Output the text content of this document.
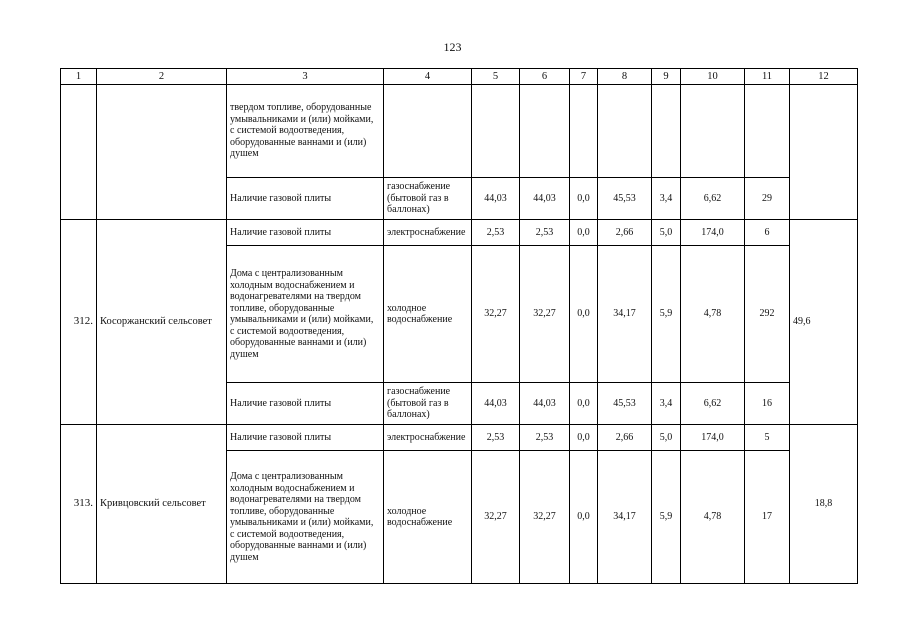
123
1	2	3	4	5	6	7	8	9	10	11	12
		твердом топливе, оборудованные умывальниками и (или) мойками, с системой водоотведения, оборудованные ваннами и (или) душем									
		Наличие газовой плиты	газоснабжение (бытовой газ в баллонах)	44,03	44,03	0,0	45,53	3,4	6,62	29	
312.	Косоржанский сельсовет	Наличие газовой плиты	электроснабжение	2,53	2,53	0,0	2,66	5,0	174,0	6	49,6
		Дома с централизованным холодным водоснабжением и водонагревателями на твердом топливе, оборудованные умывальниками и (или) мойками, с системой водоотведения, оборудованные ваннами и (или) душем	холодное водоснабжение	32,27	32,27	0,0	34,17	5,9	4,78	292	
		Наличие газовой плиты	газоснабжение (бытовой газ в баллонах)	44,03	44,03	0,0	45,53	3,4	6,62	16	
313.	Кривцовский сельсовет	Наличие газовой плиты	электроснабжение	2,53	2,53	0,0	2,66	5,0	174,0	5	18,8
		Дома с централизованным холодным водоснабжением и водонагревателями на твердом топливе, оборудованные умывальниками и (или) мойками, с системой водоотведения, оборудованные ваннами и (или) душем	холодное водоснабжение	32,27	32,27	0,0	34,17	5,9	4,78	17	
